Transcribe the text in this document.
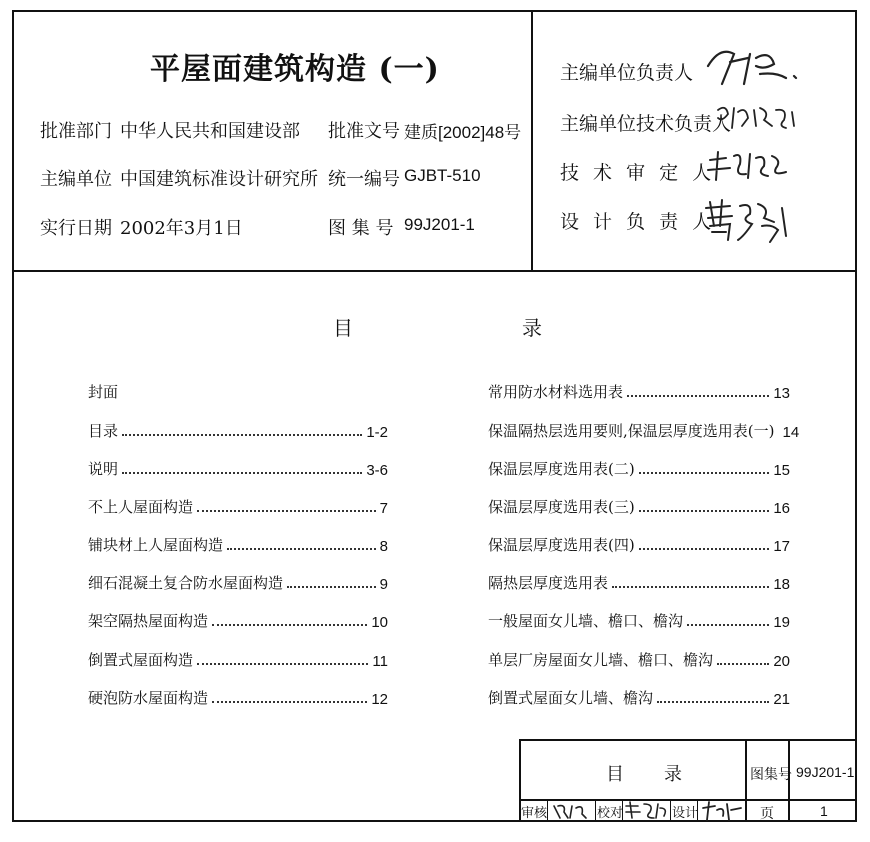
平屋面建筑构造 (一)
批准部门 中华人民共和国建设部
主编单位 中国建筑标准设计研究所
实行日期 2002年3月1日
批准文号 建质[2002]48号
统一编号 GJBT-510
图 集 号 99J201-1
主编单位负责人
主编单位技术负责人
技 术 审 定 人
设 计 负 责 人
目	录
封面
目录	1-2
说明	3-6
不上人屋面构造	7
铺块材上人屋面构造	8
细石混凝土复合防水屋面构造	9
架空隔热屋面构造	10
倒置式屋面构造	11
硬泡防水屋面构造	12
常用防水材料选用表	13
保温隔热层选用要则,保温层厚度选用表(一) 14
保温层厚度选用表(二)	15
保温层厚度选用表(三)	16
保温层厚度选用表(四)	17
隔热层厚度选用表	18
一般屋面女儿墙、檐口、檐沟	19
单层厂房屋面女儿墙、檐口、檐沟	20
倒置式屋面女儿墙、檐沟	21
目 录	图集号 99J201-1
审核	校对	设计	页	1
